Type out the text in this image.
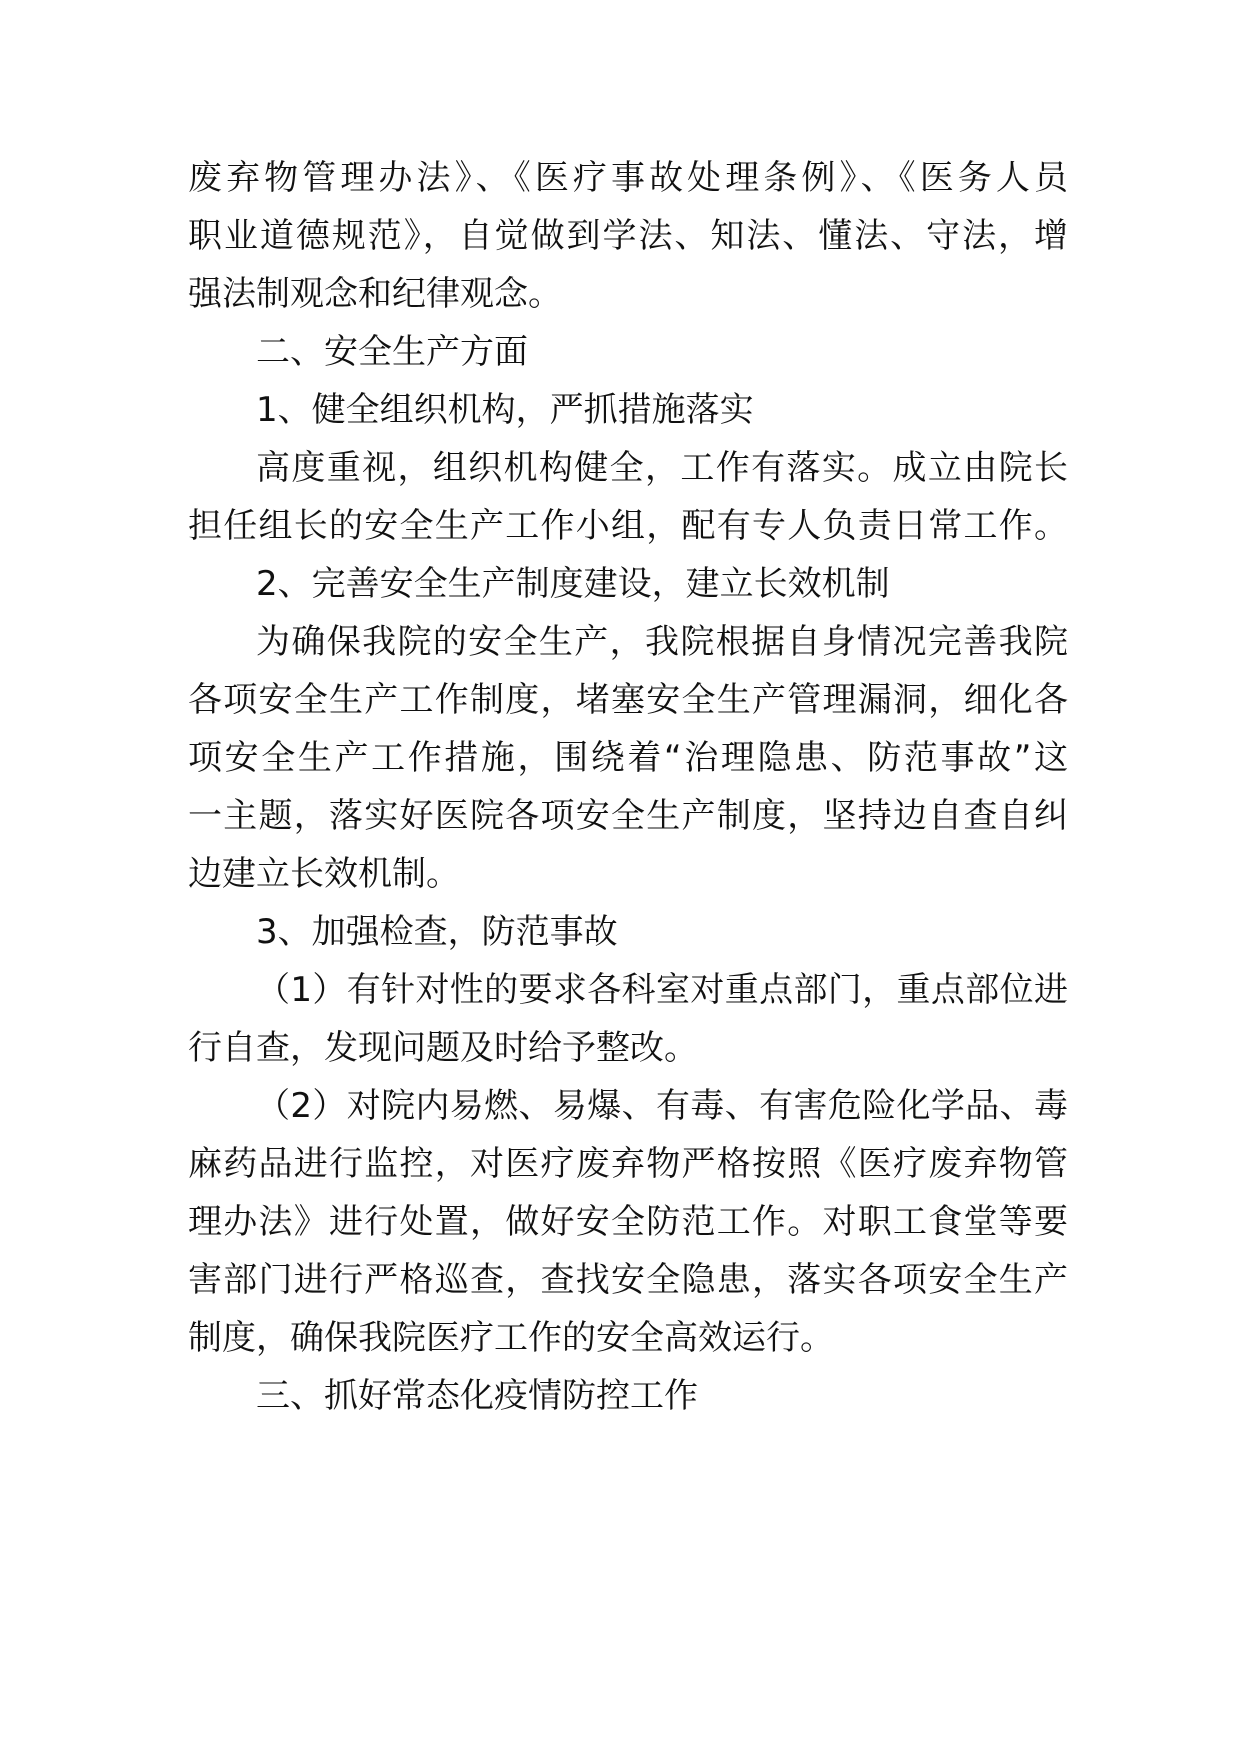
废弃物管理办法》、《医疗事故处理条例》、《医务人员
职业道德规范》，自觉做到学法、知法、懂法、守法，增
强法制观念和纪律观念。
二、安全生产方面
1、健全组织机构，严抓措施落实
高度重视，组织机构健全，工作有落实。成立由院长
担任组长的安全生产工作小组，配有专人负责日常工作。
2、完善安全生产制度建设，建立长效机制
为确保我院的安全生产，我院根据自身情况完善我院
各项安全生产工作制度，堵塞安全生产管理漏洞，细化各
项安全生产工作措施，围绕着“治理隐患、防范事故”这
一主题，落实好医院各项安全生产制度，坚持边自查自纠
边建立长效机制。
3、加强检查，防范事故
（1）有针对性的要求各科室对重点部门，重点部位进
行自查，发现问题及时给予整改。
（2）对院内易燃、易爆、有毒、有害危险化学品、毒
麻药品进行监控，对医疗废弃物严格按照《医疗废弃物管
理办法》进行处置，做好安全防范工作。对职工食堂等要
害部门进行严格巡查，查找安全隐患，落实各项安全生产
制度，确保我院医疗工作的安全高效运行。
三、抓好常态化疫情防控工作
